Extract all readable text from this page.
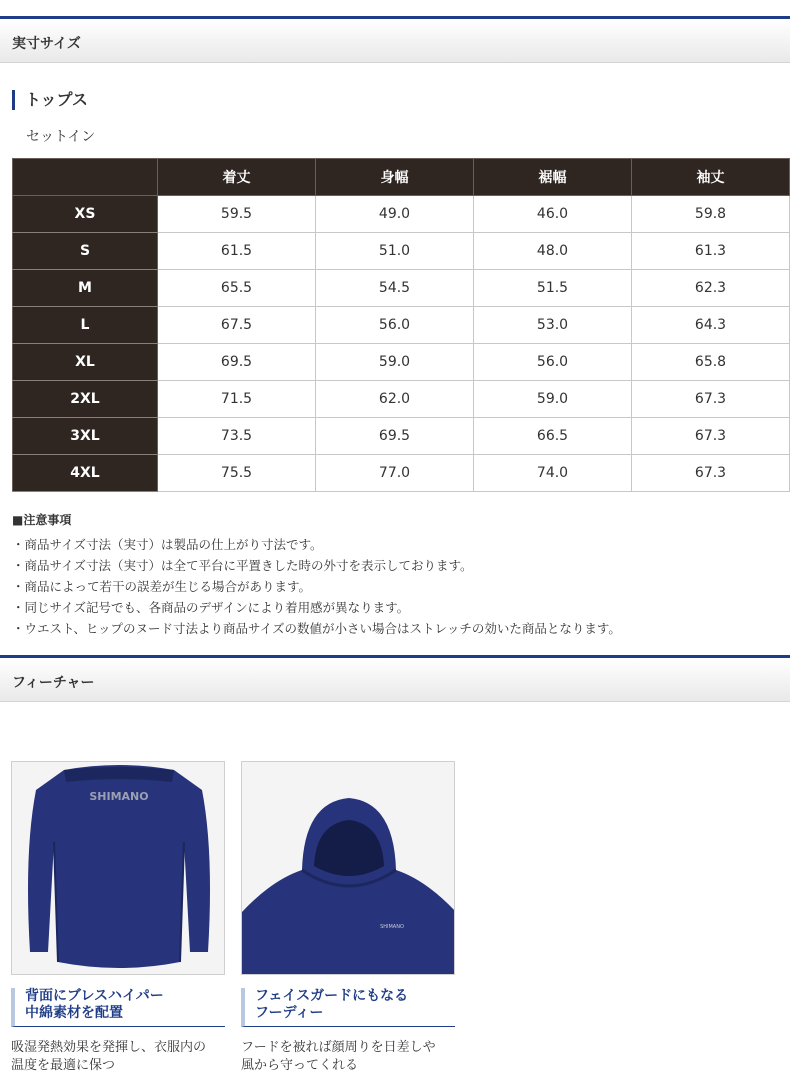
実寸サイズ
トップス
セットイン
	着丈	身幅	裾幅	袖丈
XS	59.5	49.0	46.0	59.8
S	61.5	51.0	48.0	61.3
M	65.5	54.5	51.5	62.3
L	67.5	56.0	53.0	64.3
XL	69.5	59.0	56.0	65.8
2XL	71.5	62.0	59.0	67.3
3XL	73.5	69.5	66.5	67.3
4XL	75.5	77.0	74.0	67.3
■注意事項
・ 商品サイズ寸法（実寸）は製品の仕上がり寸法です。
・ 商品サイズ寸法（実寸）は全て平台に平置きした時の外寸を表示しております。
・ 商品によって若干の誤差が生じる場合があります。
・ 同じサイズ記号でも、各商品のデザインにより着用感が異なります。
・ ウエスト、ヒップのヌード寸法より商品サイズの数値が小さい場合はストレッチの効いた商品となります。
フィーチャー
SHIMANO
背面にブレスハイパー
中綿素材を配置
吸湿発熱効果を発揮し、衣服内の
温度を最適に保つ
SHIMANO
フェイスガードにもなる
フーディー
フードを被れば顔周りを日差しや
風から守ってくれる
